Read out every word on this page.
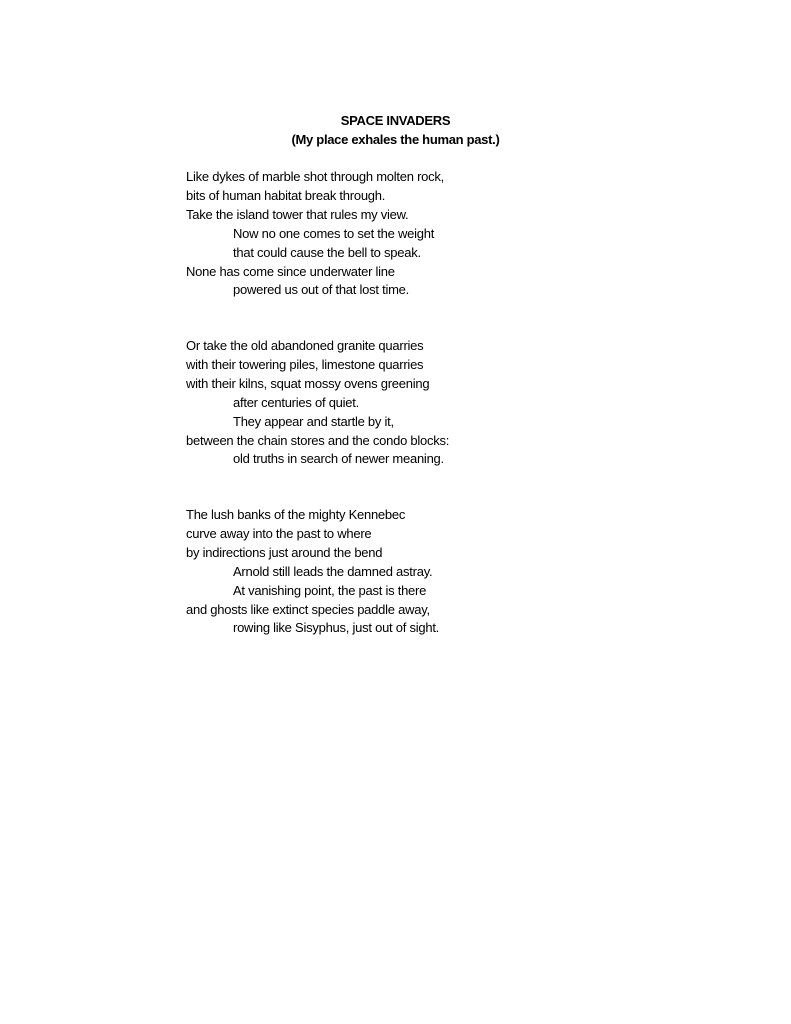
SPACE INVADERS
(My place exhales the human past.)
Like dykes of marble shot through molten rock,
bits of human habitat break through.
Take the island tower that rules my view.
Now no one comes to set the weight
that could cause the bell to speak.
None has come since underwater line
powered us out of that lost time.
Or take the old abandoned granite quarries
with their towering piles, limestone quarries
with their kilns, squat mossy ovens greening
after centuries of quiet.
They appear and startle by it,
between the chain stores and the condo blocks:
old truths in search of newer meaning.
The lush banks of the mighty Kennebec
curve away into the past to where
by indirections just around the bend
Arnold still leads the damned astray.
At vanishing point, the past is there
and ghosts like extinct species paddle away,
rowing like Sisyphus, just out of sight.
